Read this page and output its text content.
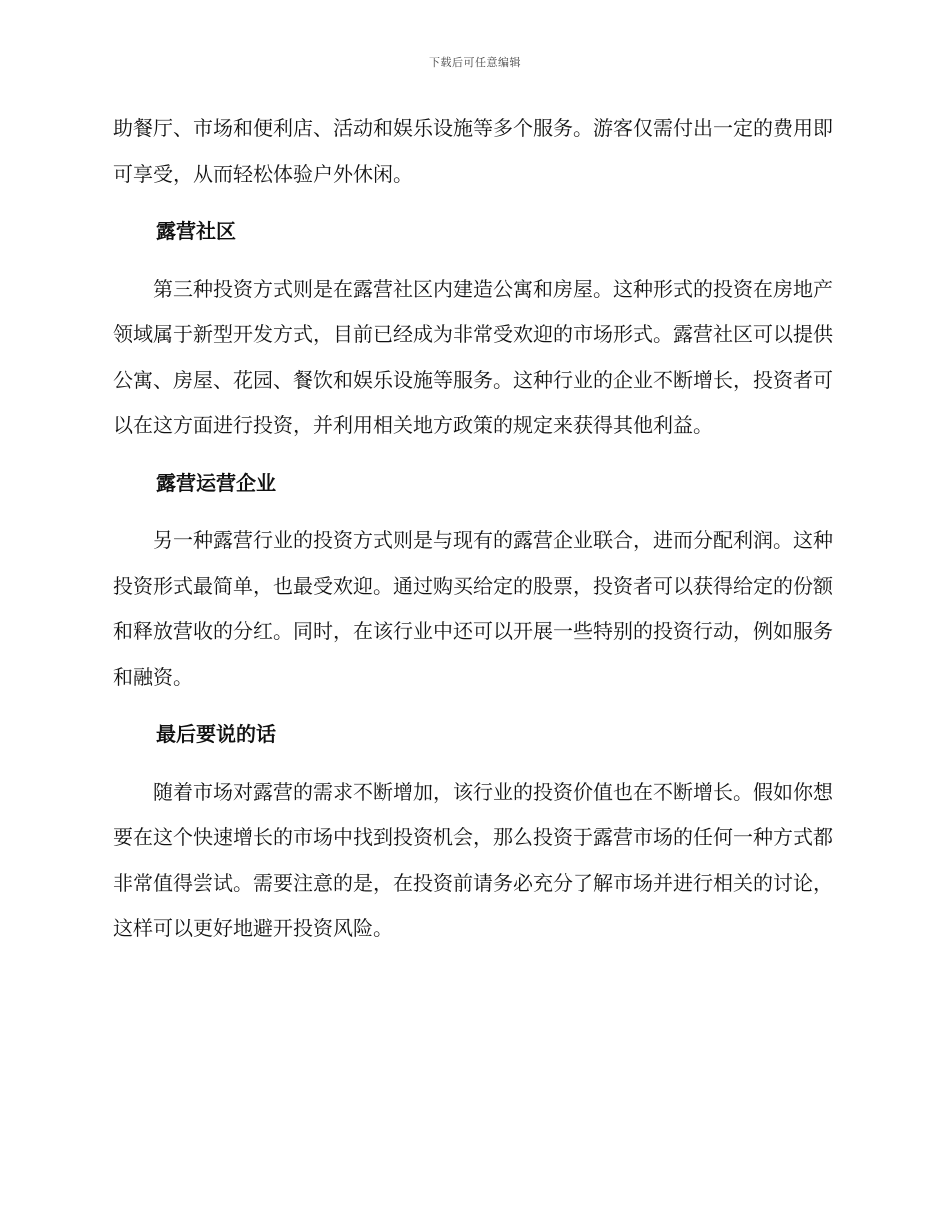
下载后可任意编辑

助餐厅、市场和便利店、活动和娱乐设施等多个服务。游客仅需付出一定的费用即可享受，从而轻松体验户外休闲。

露营社区

第三种投资方式则是在露营社区内建造公寓和房屋。这种形式的投资在房地产领域属于新型开发方式，目前已经成为非常受欢迎的市场形式。露营社区可以提供公寓、房屋、花园、餐饮和娱乐设施等服务。这种行业的企业不断增长，投资者可以在这方面进行投资，并利用相关地方政策的规定来获得其他利益。

露营运营企业

另一种露营行业的投资方式则是与现有的露营企业联合，进而分配利润。这种投资形式最简单，也最受欢迎。通过购买给定的股票，投资者可以获得给定的份额和释放营收的分红。同时，在该行业中还可以开展一些特别的投资行动，例如服务和融资。

最后要说的话

随着市场对露营的需求不断增加，该行业的投资价值也在不断增长。假如你想要在这个快速增长的市场中找到投资机会，那么投资于露营市场的任何一种方式都非常值得尝试。需要注意的是，在投资前请务必充分了解市场并进行相关的讨论，这样可以更好地避开投资风险。
